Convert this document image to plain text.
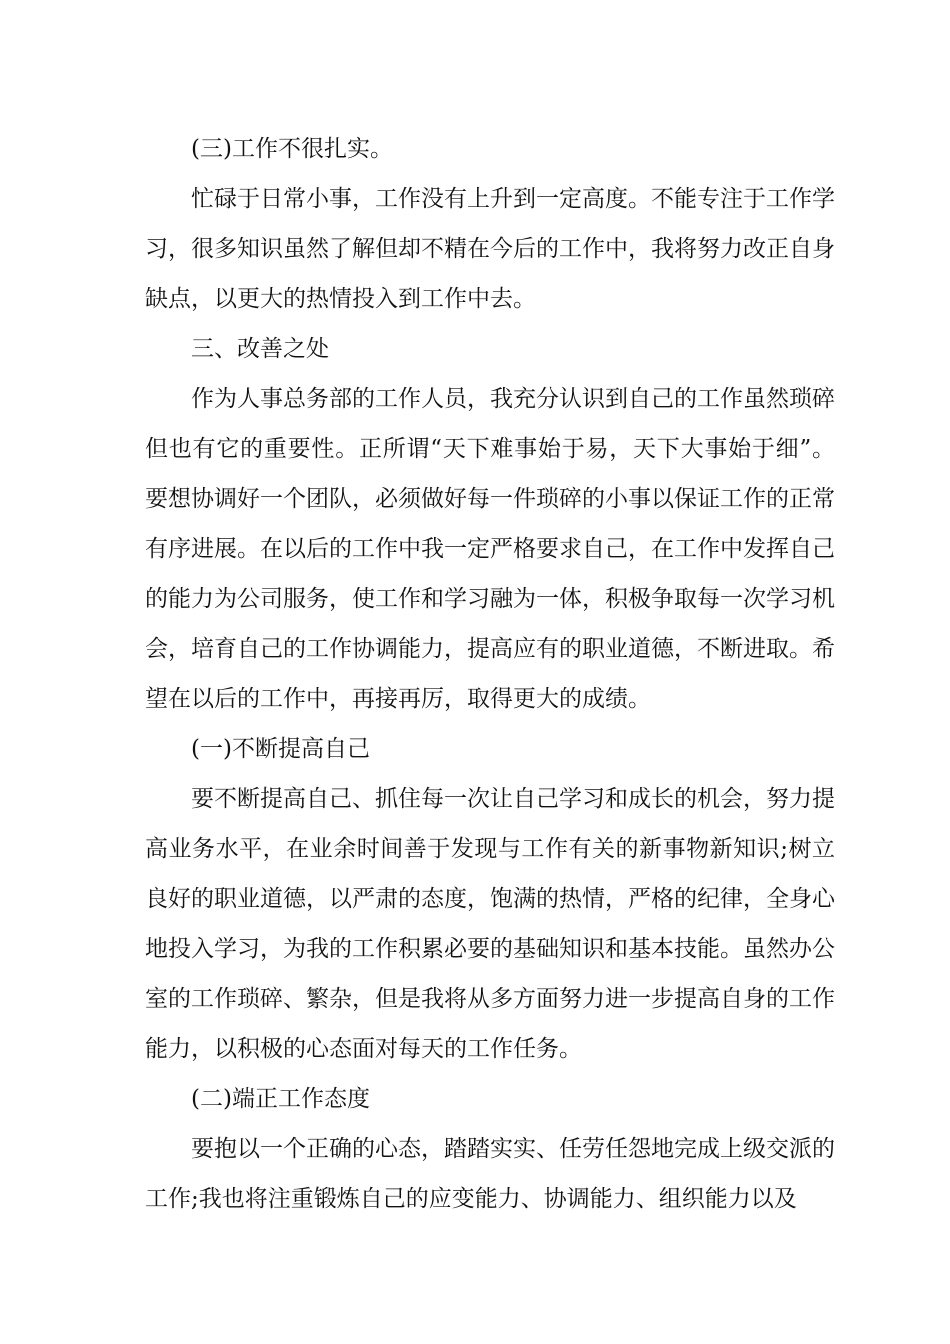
(三)工作不很扎实。

忙碌于日常小事，工作没有上升到一定高度。不能专注于工作学习，很多知识虽然了解但却不精在今后的工作中，我将努力改正自身缺点，以更大的热情投入到工作中去。

三、改善之处

作为人事总务部的工作人员，我充分认识到自己的工作虽然琐碎但也有它的重要性。正所谓“天下难事始于易，天下大事始于细”。要想协调好一个团队，必须做好每一件琐碎的小事以保证工作的正常有序进展。在以后的工作中我一定严格要求自己，在工作中发挥自己的能力为公司服务，使工作和学习融为一体，积极争取每一次学习机会，培育自己的工作协调能力，提高应有的职业道德，不断进取。希望在以后的工作中，再接再厉，取得更大的成绩。

(一)不断提高自己

要不断提高自己、抓住每一次让自己学习和成长的机会，努力提高业务水平，在业余时间善于发现与工作有关的新事物新知识;树立良好的职业道德，以严肃的态度，饱满的热情，严格的纪律，全身心地投入学习，为我的工作积累必要的基础知识和基本技能。虽然办公室的工作琐碎、繁杂，但是我将从多方面努力进一步提高自身的工作能力，以积极的心态面对每天的工作任务。

(二)端正工作态度

要抱以一个正确的心态，踏踏实实、任劳任怨地完成上级交派的工作;我也将注重锻炼自己的应变能力、协调能力、组织能力以及
